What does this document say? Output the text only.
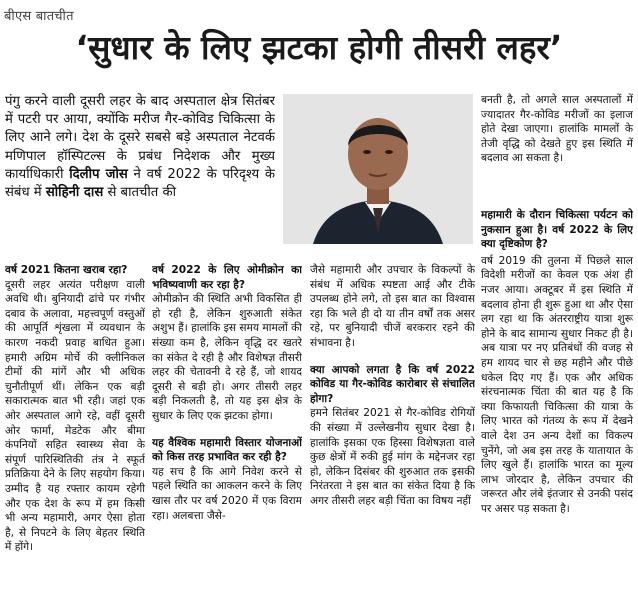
बीएस बातचीत
‘सुधार के लिए झटका होगी तीसरी लहर’
पंगु करने वाली दूसरी लहर के बाद अस्पताल क्षेत्र सितंबर में पटरी पर आया, क्योंकि मरीज गैर-कोविड चिकित्सा के लिए आने लगे। देश के दूसरे सबसे बड़े अस्पताल नेटवर्क मणिपाल हॉस्पिटल्स के प्रबंध निदेशक और मुख्य कार्याधिकारी दिलीप जोस ने वर्ष 2022 के परिदृश्य के संबंध में सोहिनी दास से बातचीत की
बनती है, तो अगले साल अस्पतालों में ज्यादातर गैर-कोविड मरीजों का इलाज होते देखा जाएगा। हालांकि मामलों के तेजी वृद्धि को देखते हुए इस स्थिति में बदलाव आ सकता है।
महामारी के दौरान चिकित्सा पर्यटन को नुकसान हुआ है। वर्ष 2022 के लिए क्या दृष्टिकोण है?
वर्ष 2019 की तुलना में पिछले साल विदेशी मरीजों का केवल एक अंश ही नजर आया। अक्टूबर में इस स्थिति में बदलाव होना ही शुरू हुआ था और ऐसा लग रहा था कि अंतरराष्ट्रीय यात्रा शुरू होने के बाद सामान्य सुधार निकट ही है। अब यात्रा पर नए प्रतिबंधों की वजह से हम शायद चार से छह महीने और पीछे धकेल दिए गए हैं। एक और अधिक संरचनात्मक चिंता की बात यह है कि क्या किफायती चिकित्सा की यात्रा के लिए भारत को गंतव्य के रूप में देखने वाले देश उन अन्य देशों का विकल्प चुनेंगे, जो अब इस तरह के यातायात के लिए खुले हैं। हालांकि भारत का मूल्य लाभ जोरदार है, लेकिन उपचार की जरूरत और लंबे इंतजार से उनकी पसंद पर असर पड़ सकता है।
वर्ष 2021 कितना खराब रहा?
दूसरी लहर अत्यंत परीक्षण वाली अवधि थी। बुनियादी ढांचे पर गंभीर दबाव के अलावा, महत्त्वपूर्ण वस्तुओं की आपूर्ति शृंखला में व्यवधान के कारण नकदी प्रवाह बाधित हुआ। हमारी अग्रिम मोर्चे की क्लीनिकल टीमों की मांगें और भी अधिक चुनौतीपूर्ण थीं। लेकिन एक बड़ी सकारात्मक बात भी रही। जहां एक ओर अस्पताल आगे रहे, वहीं दूसरी ओर फार्मा, मेडटेक और बीमा कंपनियों सहित स्वास्थ्य सेवा के संपूर्ण पारिस्थितिकी तंत्र ने स्फूर्त प्रतिक्रिया देने के लिए सहयोग किया। उम्मीद है यह रफ्तार कायम रहेगी और एक देश के रूप में हम किसी भी अन्य महामारी, अगर ऐसा होता है, से निपटने के लिए बेहतर स्थिति में होंगे।
वर्ष 2022 के लिए ओमीक्रोन का भविष्यवाणी कर रहा है?
ओमीक्रोन की स्थिति अभी विकसित ही हो रही है, लेकिन शुरुआती संकेत अशुभ हैं। हालांकि इस समय मामलों की संख्या कम है, लेकिन वृद्धि दर खतरे का संकेत दे रही है और विशेषज्ञ तीसरी लहर की चेतावनी दे रहे हैं, जो शायद दूसरी से बड़ी हो। अगर तीसरी लहर बड़ी निकलती है, तो यह इस क्षेत्र के सुधार के लिए एक झटका होगा।
यह वैश्विक महामारी विस्तार योजनाओं को किस तरह प्रभावित कर रही है?
यह सच है कि आगे निवेश करने से पहले स्थिति का आकलन करने के लिए खास तौर पर वर्ष 2020 में एक विराम रहा। अलबत्ता जैसे-
जैसे महामारी और उपचार के विकल्पों के संबंध में अधिक स्पष्टता आई और टीके उपलब्ध होने लगे, तो इस बात का विश्वास रहा कि भले ही दो या तीन वर्षों तक असर रहे, पर बुनियादी चीजें बरकरार रहने की संभावना है।
क्या आपको लगता है कि वर्ष 2022 कोविड या गैर-कोविड कारोबार से संचालित होगा?
हमने सितंबर 2021 से गैर-कोविड रोगियों की संख्या में उल्लेखनीय सुधार देखा है। हालांकि इसका एक हिस्सा विशेषज्ञता वाले कुछ क्षेत्रों में रुकी हुई मांग के मद्देनजर रहा हो, लेकिन दिसंबर की शुरुआत तक इसकी निरंतरता ने इस बात का संकेत दिया है कि अगर तीसरी लहर बड़ी चिंता का विषय नहीं
